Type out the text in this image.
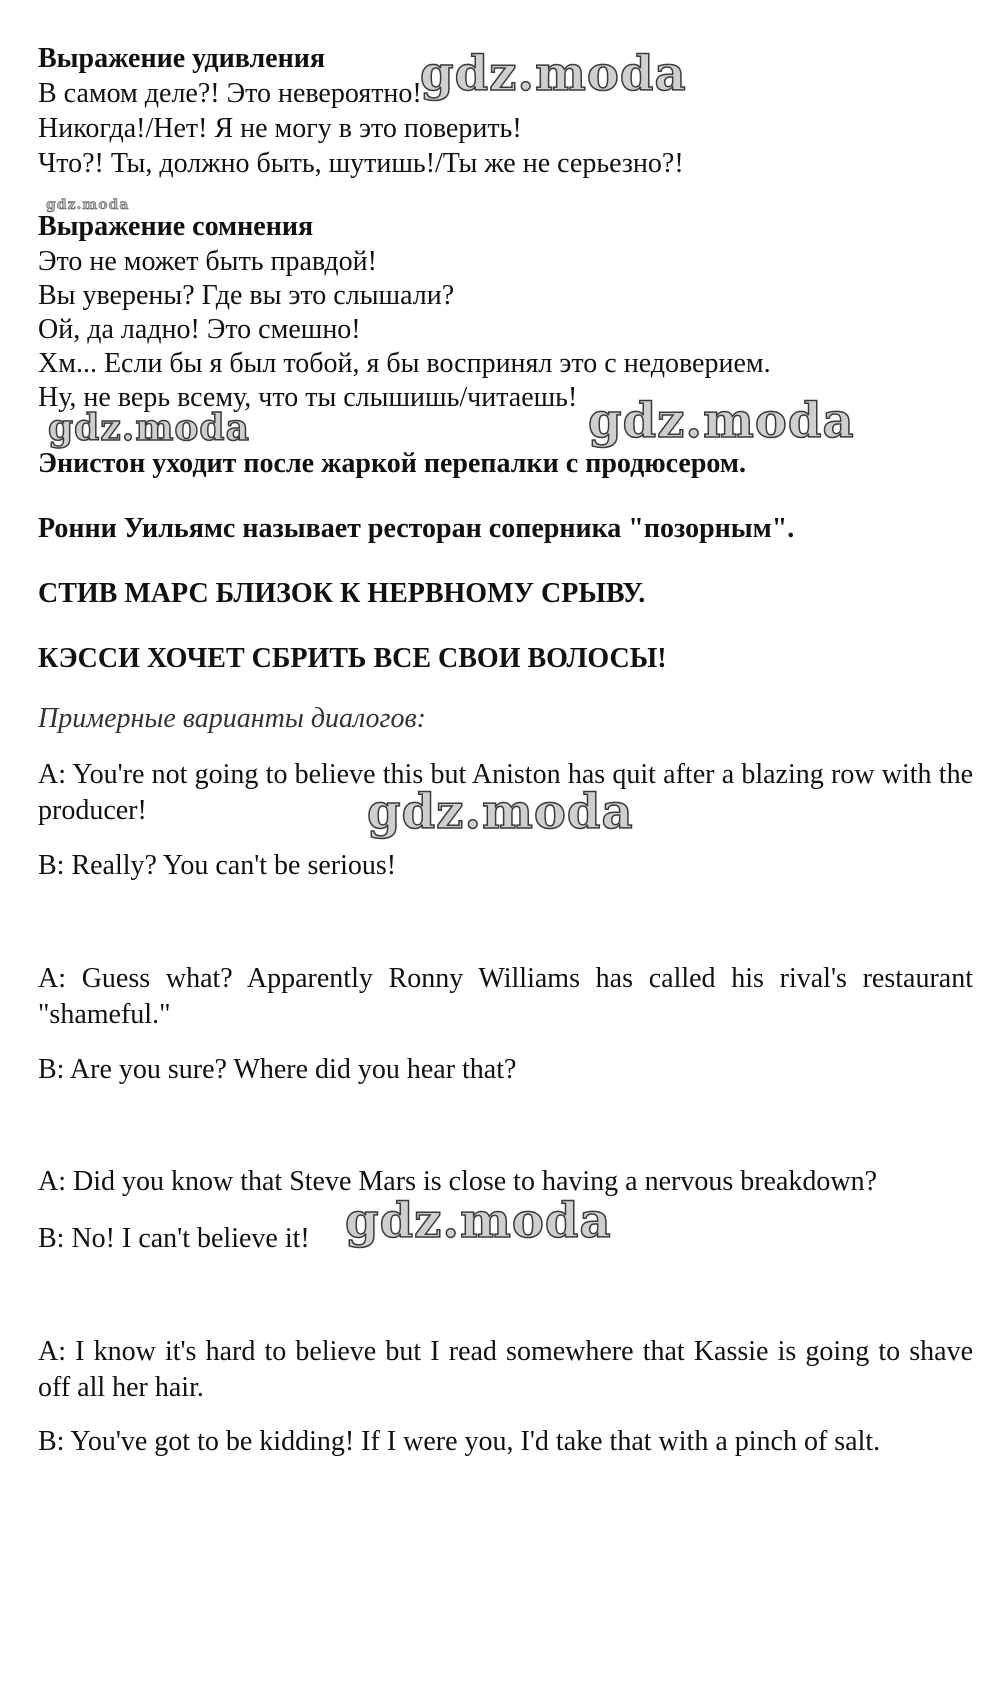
Выражение удивления
В самом деле?! Это невероятно!
Никогда!/Нет! Я не могу в это поверить!
Что?! Ты, должно быть, шутишь!/Ты же не серьезно?!
Выражение сомнения
Это не может быть правдой!
Вы уверены? Где вы это слышали?
Ой, да ладно! Это смешно!
Хм... Если бы я был тобой, я бы воспринял это с недоверием.
Ну, не верь всему, что ты слышишь/читаешь!
Энистон уходит после жаркой перепалки с продюсером.
Ронни Уильямс называет ресторан соперника "позорным".
СТИВ МАРС БЛИЗОК К НЕРВНОМУ СРЫВУ.
КЭССИ ХОЧЕТ СБРИТЬ ВСЕ СВОИ ВОЛОСЫ!
Примерные варианты диалогов:
A: You're not going to believe this but Aniston has quit after a blazing row with the producer!
B: Really? You can't be serious!
A: Guess what? Apparently Ronny Williams has called his rival's restaurant "shameful."
B: Are you sure? Where did you hear that?
A: Did you know that Steve Mars is close to having a nervous breakdown?
B: No! I can't believe it!
A: I know it's hard to believe but I read somewhere that Kassie is going to shave off all her hair.
B: You've got to be kidding! If I were you, I'd take that with a pinch of salt.
gdz.moda
gdz.moda
gdz.moda	gdz.moda
gdz.moda
gdz.moda
